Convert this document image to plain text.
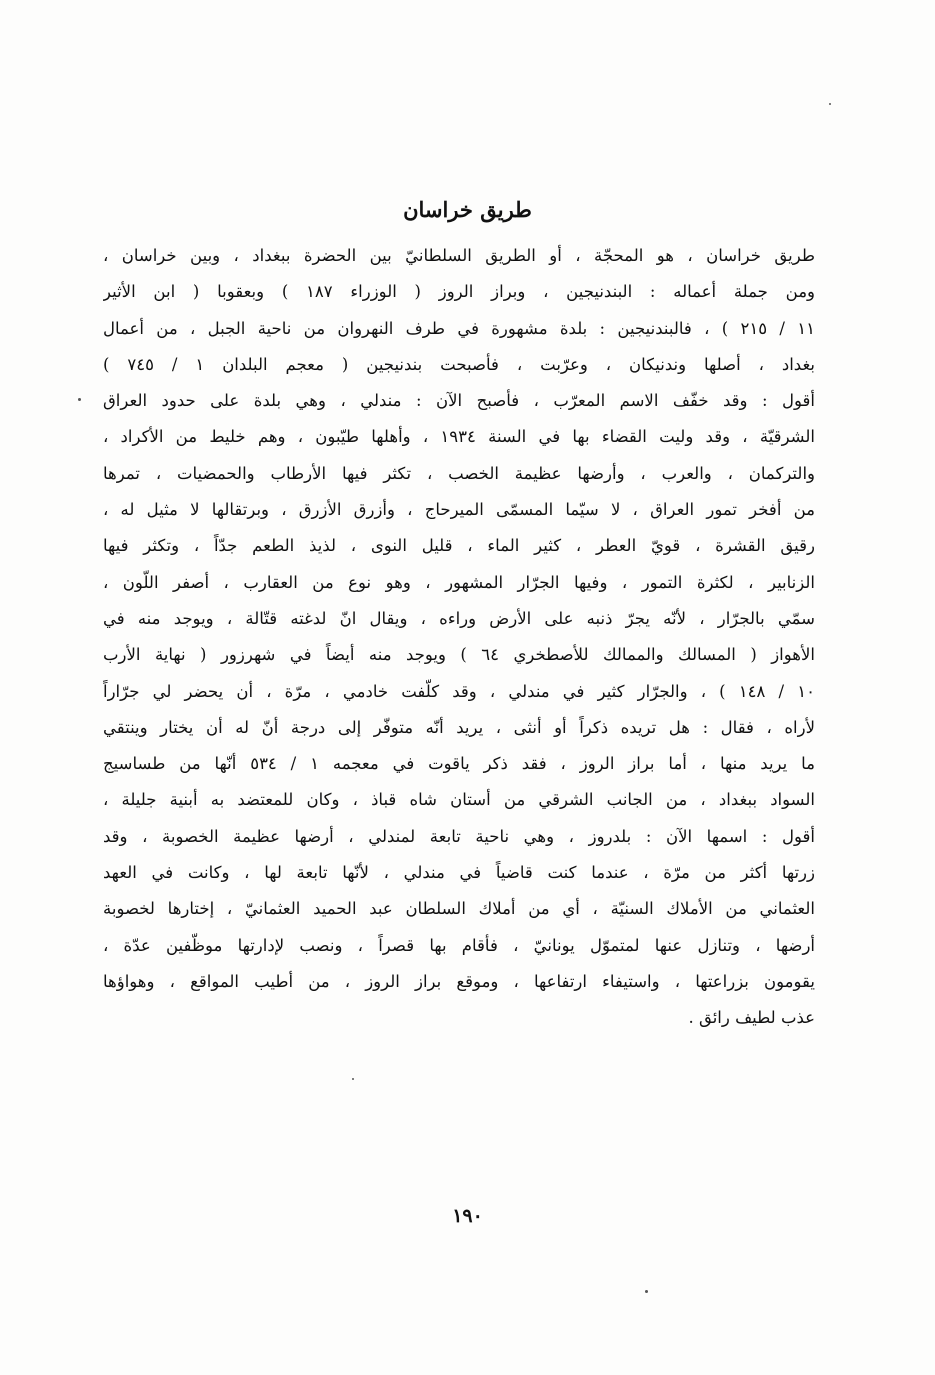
طريق خراسان
طريق خراسان ، هو المحجّة ، أو الطريق السلطانيّ بين الحضرة ببغداد ، وبين خراسان ،
ومن جملة أعماله : البندنيجين ، وبراز الروز ( الوزراء ١٨٧ ) وبعقوبا ( ابن الأثير
١١ / ٢١٥ ) ، فالبندنيجين : بلدة مشهورة في طرف النهروان من ناحية الجبل ، من أعمال
بغداد ، أصلها وندنيكان ، وعرّبت ، فأصبحت بندنيجين ( معجم البلدان ١ / ٧٤٥ )
أقول : وقد خفّف الاسم المعرّب ، فأصبح الآن : مندلي ، وهي بلدة على حدود العراق
الشرقيّة ، وقد وليت القضاء بها في السنة ١٩٣٤ ، وأهلها طيّبون ، وهم خليط من الأكراد ،
والتركمان ، والعرب ، وأرضها عظيمة الخصب ، تكثر فيها الأرطاب والحمضيات ، تمرها
من أفخر تمور العراق ، لا سيّما المسمّى الميرحاج ، وأزرق الأزرق ، وبرتقالها لا مثيل له ،
رقيق القشرة ، قويّ العطر ، كثير الماء ، قليل النوى ، لذيذ الطعم جدّاً ، وتكثر فيها
الزنابير ، لكثرة التمور ، وفيها الجرّار المشهور ، وهو نوع من العقارب ، أصفر اللّون ،
سمّي بالجرّار ، لأنّه يجرّ ذنبه على الأرض وراءه ، ويقال انّ لدغته قتّالة ، ويوجد منه في
الأهواز ( المسالك والممالك للأصطخري ٦٤ ) ويوجد منه أيضاً في شهرزور ( نهاية الأرب
١٠ / ١٤٨ ) ، والجرّار كثير في مندلي ، وقد كلّفت خادمي ، مرّة ، أن يحضر لي جرّاراً
لأراه ، فقال : هل تريده ذكراً أو أنثى ، يريد أنّه متوفّر إلى درجة أنّ له أن يختار وينتقي
ما يريد منها ، أما براز الروز ، فقد ذكر ياقوت في معجمه ١ / ٥٣٤ أنّها من طساسيج
السواد ببغداد ، من الجانب الشرقي من أستان شاه قباذ ، وكان للمعتضد به أبنية جليلة ،
أقول : اسمها الآن : بلدروز ، وهي ناحية تابعة لمندلي ، أرضها عظيمة الخصوبة ، وقد
زرتها أكثر من مرّة ، عندما كنت قاضياً في مندلي ، لأنّها تابعة لها ، وكانت في العهد
العثماني من الأملاك السنيّة ، أي من أملاك السلطان عبد الحميد العثمانيّ ، إختارها لخصوبة
أرضها ، وتنازل عنها لمتموّل يونانيّ ، فأقام بها قصراً ، ونصب لإدارتها موظّفين عدّة ،
يقومون بزراعتها ، واستيفاء ارتفاعها ، وموقع براز الروز ، من أطيب المواقع ، وهواؤها
عذب لطيف رائق .
١٩٠
